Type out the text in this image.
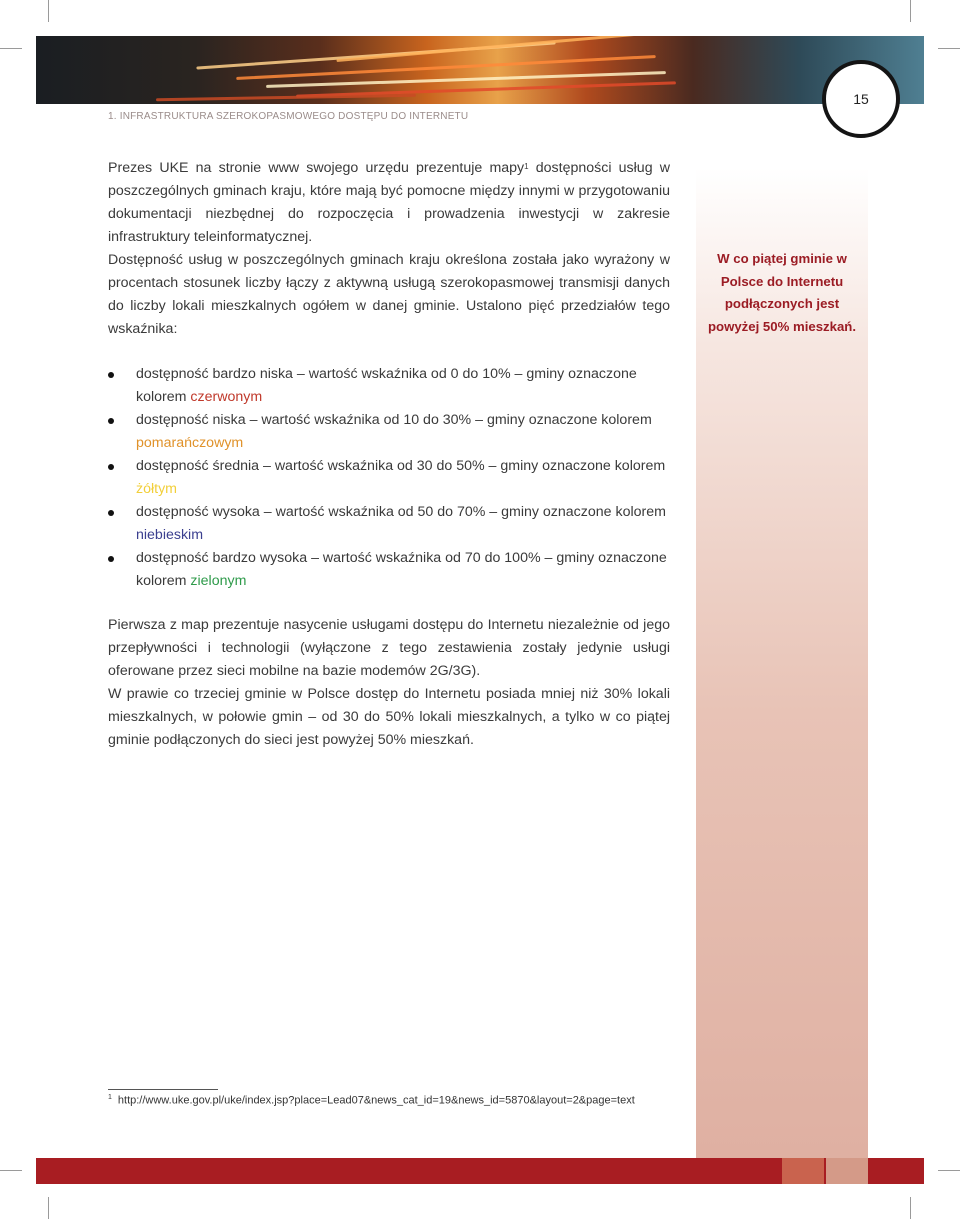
15
1. INFRASTRUKTURA SZEROKOPASMOWEGO DOSTĘPU DO INTERNETU
W co piątej gminie w Polsce do Internetu podłączonych jest powyżej 50% mieszkań.
Prezes UKE na stronie www swojego urzędu prezentuje mapy$^1$ dostępności usług w poszczególnych gminach kraju, które mają być pomocne między innymi w przygotowaniu dokumentacji niezbędnej do rozpoczęcia i prowadzenia inwestycji w zakresie infrastruktury teleinformatycznej.
Dostępność usług w poszczególnych gminach kraju określona została jako wyrażony w procentach stosunek liczby łączy z aktywną usługą szerokopasmowej transmisji danych do liczby lokali mieszkalnych ogółem w danej gminie. Ustalono pięć przedziałów tego wskaźnika:
dostępność bardzo niska – wartość wskaźnika od 0 do 10% – gminy oznaczone kolorem czerwonym
dostępność niska – wartość wskaźnika od 10 do 30% – gminy oznaczone kolorem pomarańczowym
dostępność średnia – wartość wskaźnika od 30 do 50% – gminy oznaczone kolorem żółtym
dostępność wysoka – wartość wskaźnika od 50 do 70% – gminy oznaczone kolorem niebieskim
dostępność bardzo wysoka – wartość wskaźnika od 70 do 100% – gminy oznaczone kolorem zielonym
Pierwsza z map prezentuje nasycenie usługami dostępu do Internetu niezależnie od jego przepływności i technologii (wyłączone z tego zestawienia zostały jedynie usługi oferowane przez sieci mobilne na bazie modemów 2G/3G).
W prawie co trzeciej gminie w Polsce dostęp do Internetu posiada mniej niż 30% lokali mieszkalnych, w połowie gmin – od 30 do 50% lokali mieszkalnych, a tylko w co piątej gminie podłączonych do sieci jest powyżej 50% mieszkań.
$^1$ http://www.uke.gov.pl/uke/index.jsp?place=Lead07&news_cat_id=19&news_id=5870&layout=2&page=text
